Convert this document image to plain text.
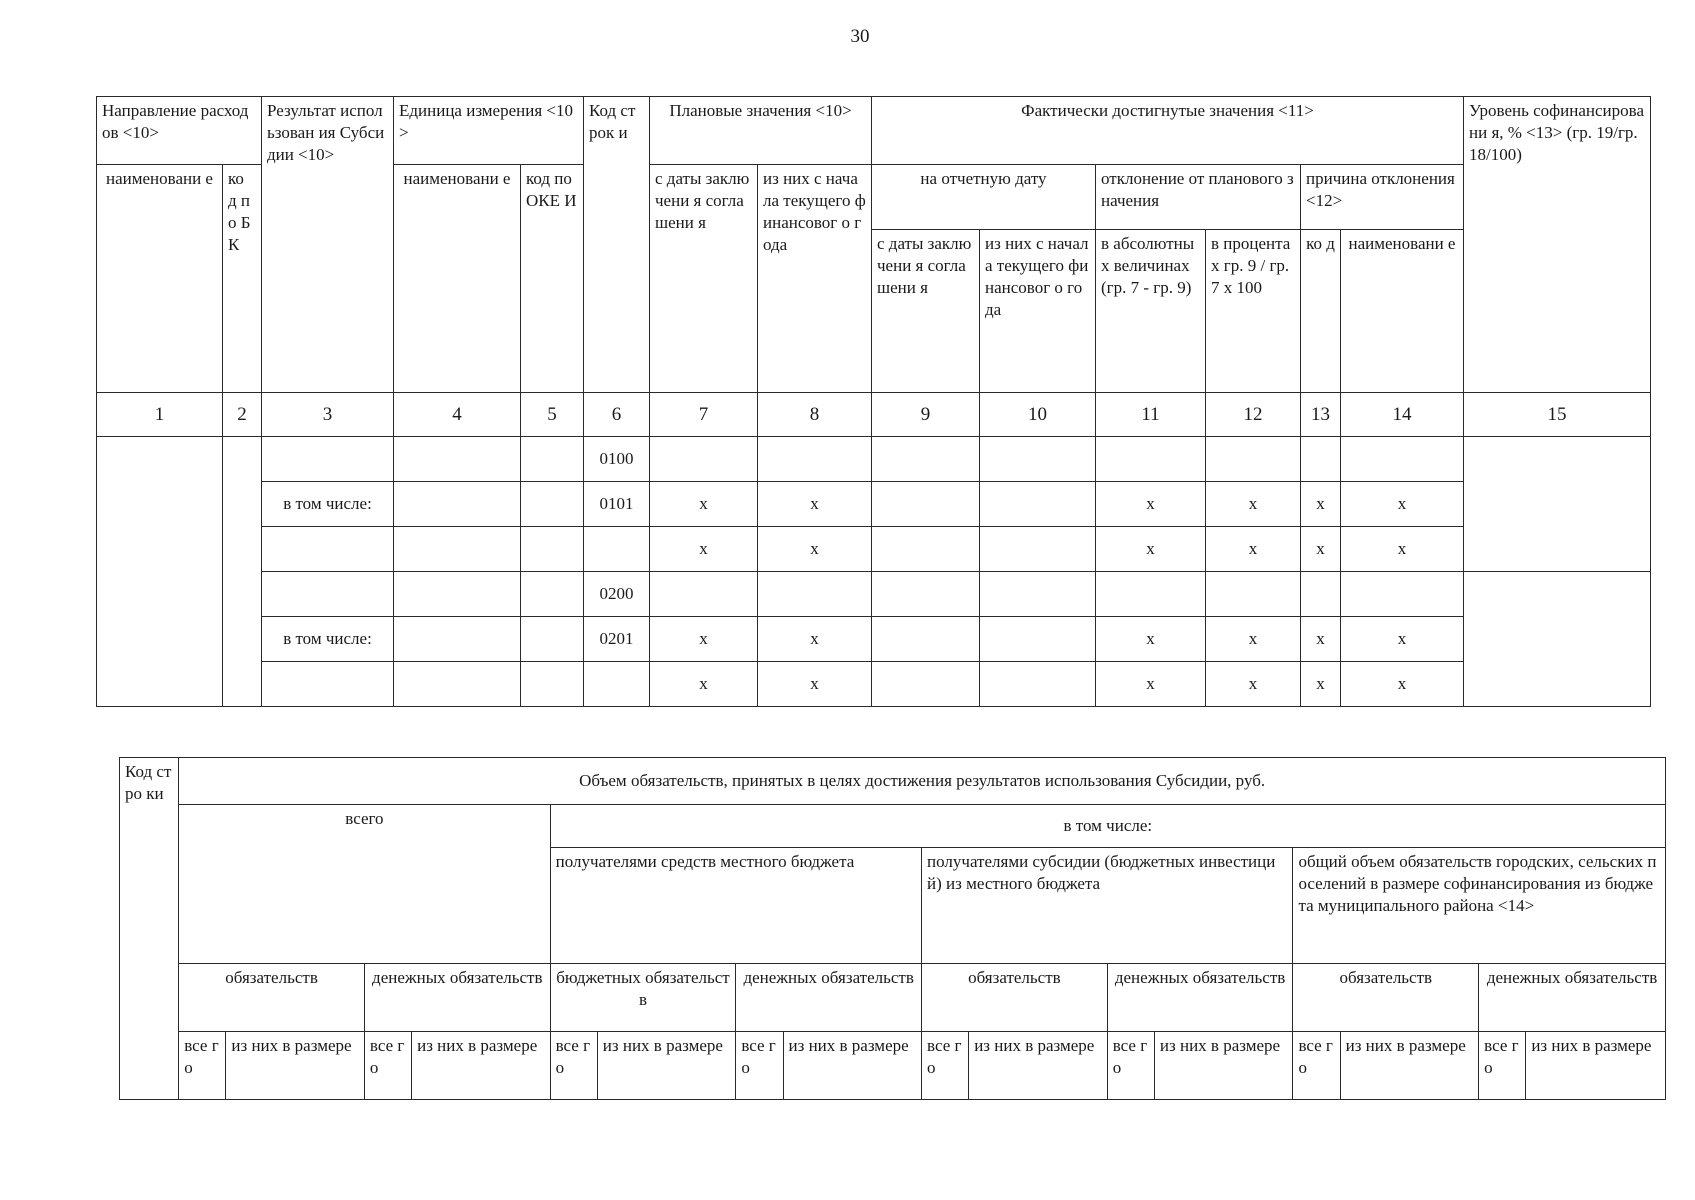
30
Направление расходов <10>		Результат использован ия Субсидии <10>	Единица измерения <10>		Код строк и	Плановые значения <10>		Фактически достигнутые значения <11>						Уровень софинансировани я, % <13> (гр. 19/гр. 18/100)
наименовани е	ко д по БК		наименовани е	код по ОКЕ И		с даты заключени я соглашени я	из них с начала текущего финансовог о года	на отчетную дату		отклонение от планового значения		причина отклонения <12>		
								с даты заключени я соглашени я	из них с начала текущего финансовог о года	в абсолютны х величинах (гр. 7 - гр. 9)	в процента х гр. 9 / гр. 7 х 100	ко д	наименовани е	
1	2	3	4	5	6	7	8	9	10	11	12	13	14	15
					0100									
		в том числе:			0101	x	x			x	x	x	x	
						x	x			x	x	x	x	
					0200									
		в том числе:			0201	x	x			x	x	x	x	
						x	x			x	x	x	x	
Код стро ки	Объем обязательств, принятых в целях достижения результатов использования Субсидии, руб.															
	всего				в том числе:											
					получателями средств местного бюджета				получателями субсидии (бюджетных инвестиций) из местного бюджета				общий объем обязательств городских, сельских поселений в размере софинансирования из бюджета муниципального района <14>			
	обязательств		денежных обязательств		бюджетных обязательств		денежных обязательств		обязательств		денежных обязательств		обязательств		денежных обязательств	
	все го	из них в размере	все го	из них в размере	все го	из них в размере	все го	из них в размере	все го	из них в размере	все го	из них в размере	все го	из них в размере	все го	из них в размере
